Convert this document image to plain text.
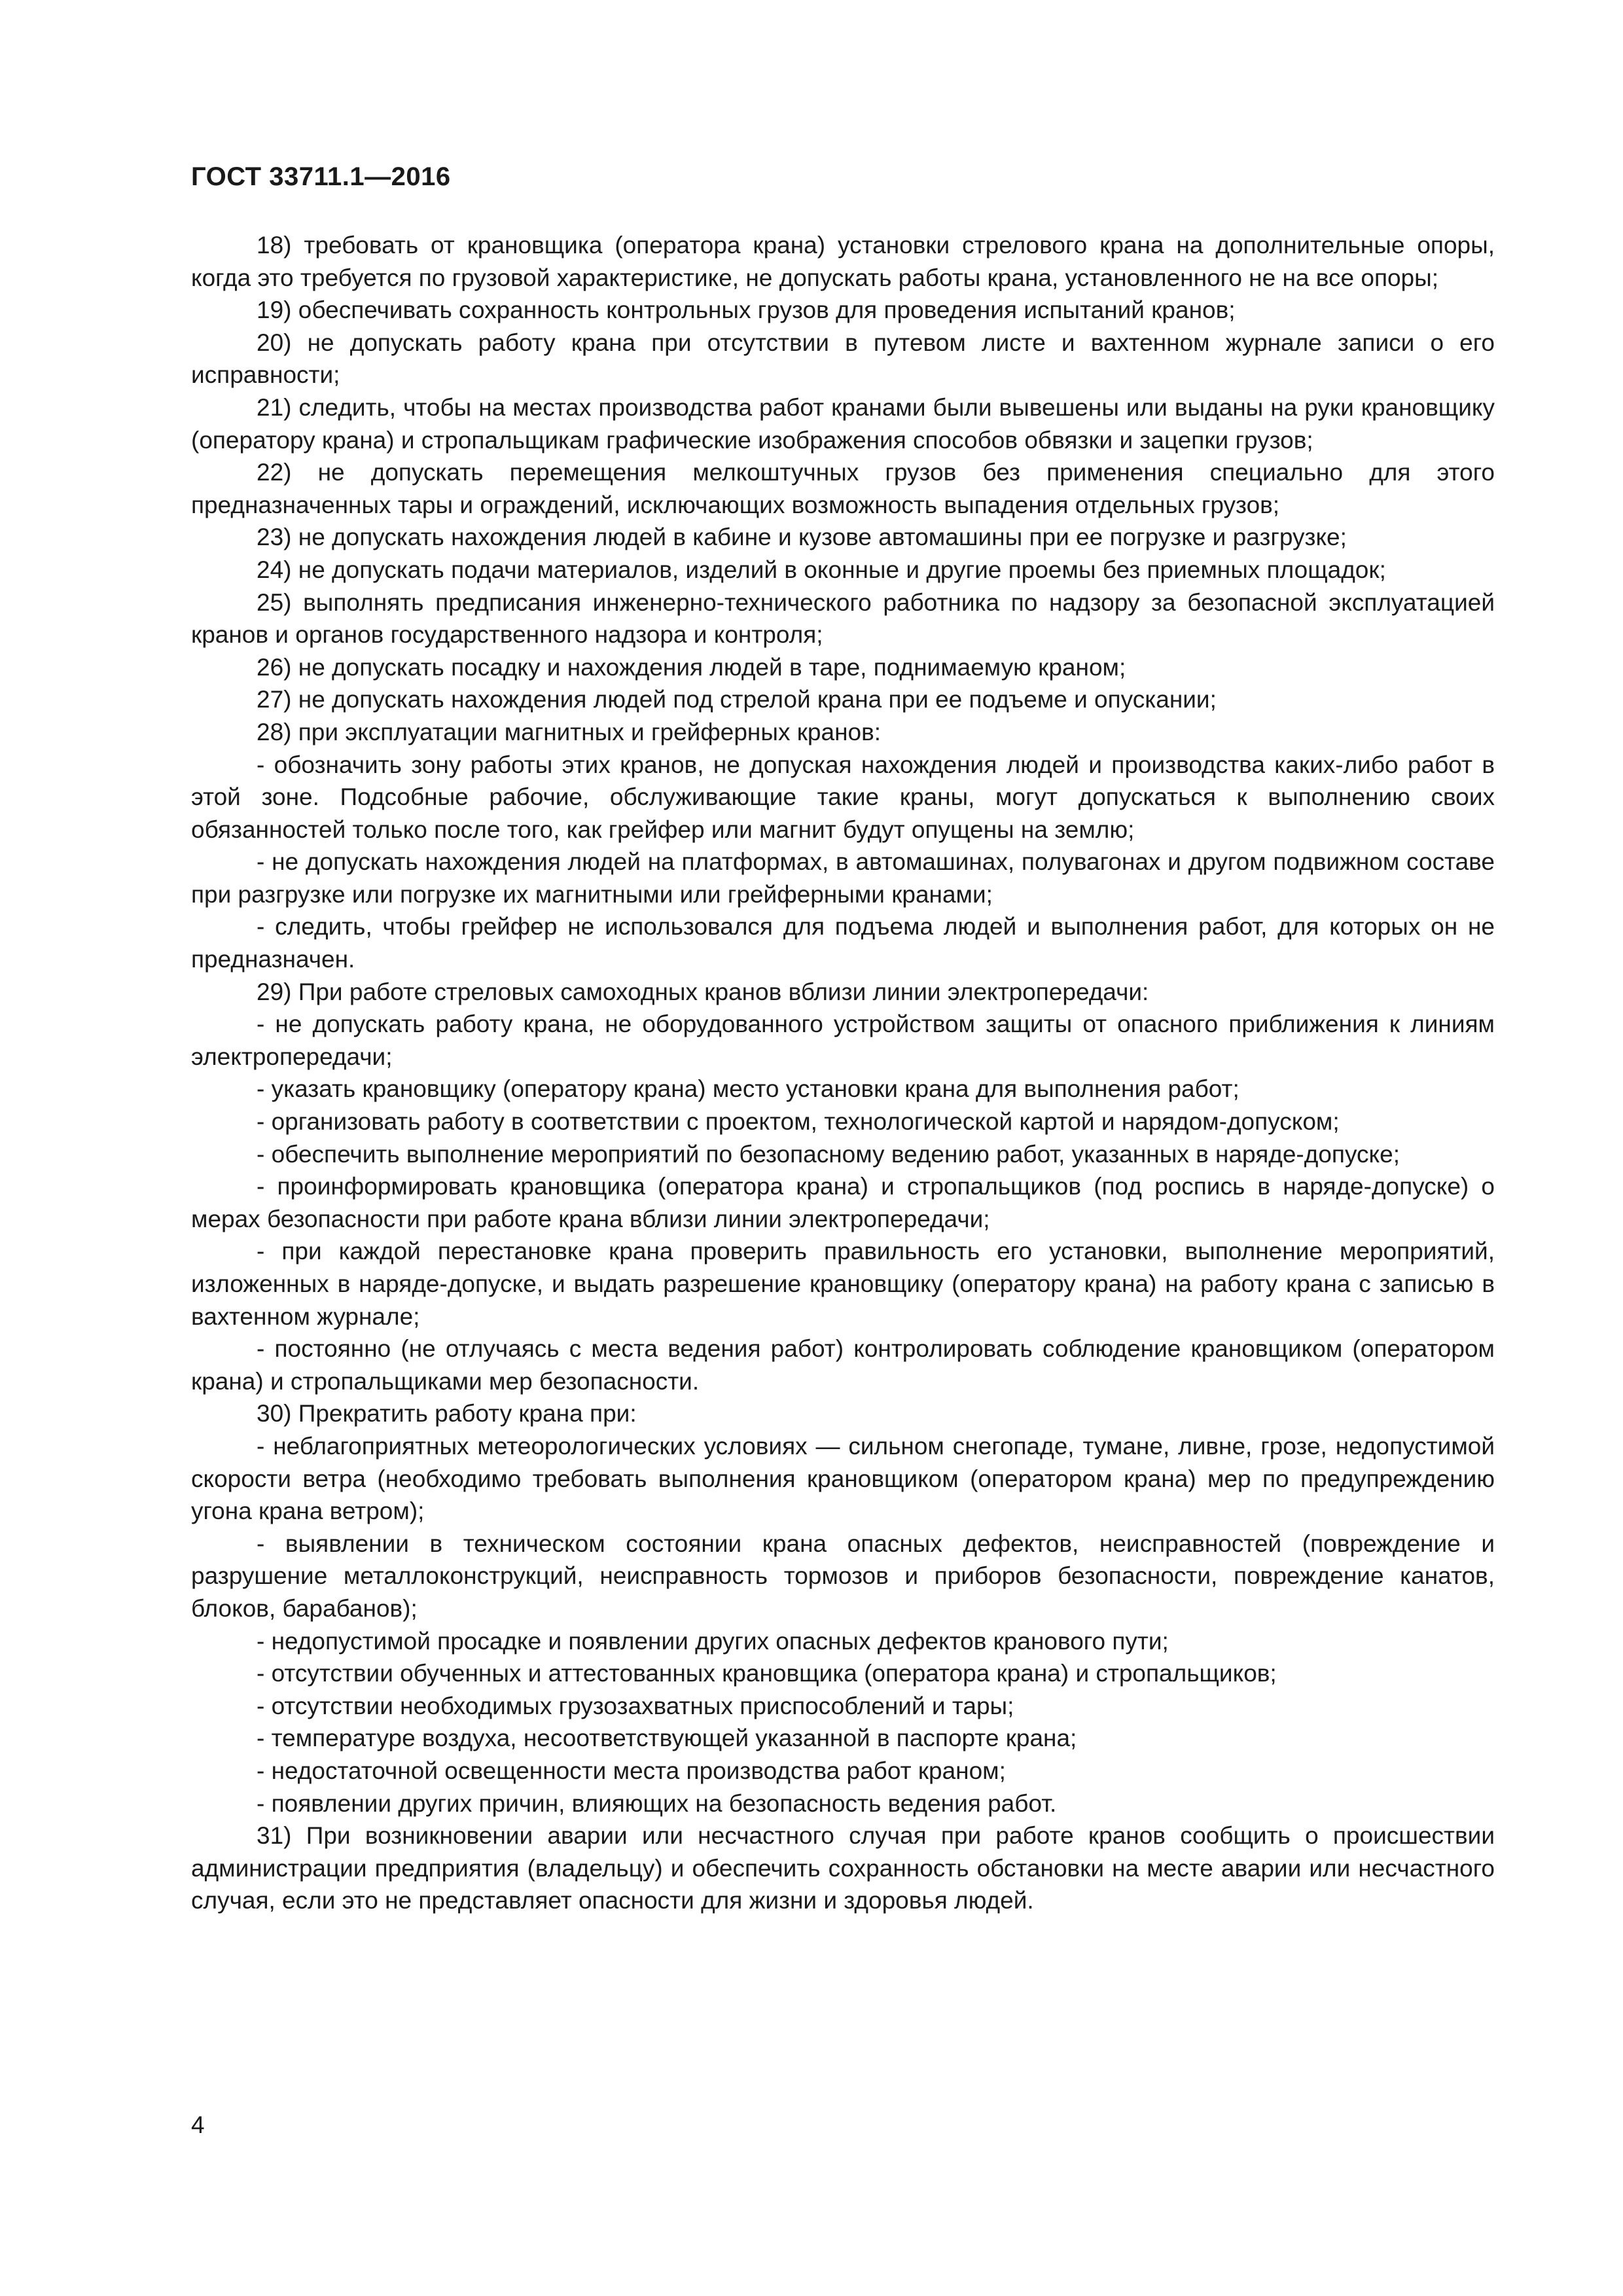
ГОСТ 33711.1—2016

18) требовать от крановщика (оператора крана) установки стрелового крана на дополнительные опоры, когда это требуется по грузовой характеристике, не допускать работы крана, установленного не на все опоры;

19) обеспечивать сохранность контрольных грузов для проведения испытаний кранов;

20) не допускать работу крана при отсутствии в путевом листе и вахтенном журнале записи о его исправности;

21) следить, чтобы на местах производства работ кранами были вывешены или выданы на руки крановщику (оператору крана) и стропальщикам графические изображения способов обвязки и зацепки грузов;

22) не допускать перемещения мелкоштучных грузов без применения специально для этого предназначенных тары и ограждений, исключающих возможность выпадения отдельных грузов;

23) не допускать нахождения людей в кабине и кузове автомашины при ее погрузке и разгрузке;

24) не допускать подачи материалов, изделий в оконные и другие проемы без приемных площадок;

25) выполнять предписания инженерно-технического работника по надзору за безопасной эксплуатацией кранов и органов государственного надзора и контроля;

26) не допускать посадку и нахождения людей в таре, поднимаемую краном;

27) не допускать нахождения людей под стрелой крана при ее подъеме и опускании;

28) при эксплуатации магнитных и грейферных кранов:

- обозначить зону работы этих кранов, не допуская нахождения людей и производства каких-либо работ в этой зоне. Подсобные рабочие, обслуживающие такие краны, могут допускаться к выполнению своих обязанностей только после того, как грейфер или магнит будут опущены на землю;

- не допускать нахождения людей на платформах, в автомашинах, полувагонах и другом подвижном составе при разгрузке или погрузке их магнитными или грейферными кранами;

- следить, чтобы грейфер не использовался для подъема людей и выполнения работ, для которых он не предназначен.

29) При работе стреловых самоходных кранов вблизи линии электропередачи:

- не допускать работу крана, не оборудованного устройством защиты от опасного приближения к линиям электропередачи;

- указать крановщику (оператору крана) место установки крана для выполнения работ;

- организовать работу в соответствии с проектом, технологической картой и нарядом-допуском;

- обеспечить выполнение мероприятий по безопасному ведению работ, указанных в наряде-допуске;

- проинформировать крановщика (оператора крана) и стропальщиков (под роспись в наряде-допуске) о мерах безопасности при работе крана вблизи линии электропередачи;

- при каждой перестановке крана проверить правильность его установки, выполнение мероприятий, изложенных в наряде-допуске, и выдать разрешение крановщику (оператору крана) на работу крана с записью в вахтенном журнале;

- постоянно (не отлучаясь с места ведения работ) контролировать соблюдение крановщиком (оператором крана) и стропальщиками мер безопасности.

30) Прекратить работу крана при:

- неблагоприятных метеорологических условиях — сильном снегопаде, тумане, ливне, грозе, недопустимой скорости ветра (необходимо требовать выполнения крановщиком (оператором крана) мер по предупреждению угона крана ветром);

- выявлении в техническом состоянии крана опасных дефектов, неисправностей (повреждение и разрушение металлоконструкций, неисправность тормозов и приборов безопасности, повреждение канатов, блоков, барабанов);

- недопустимой просадке и появлении других опасных дефектов кранового пути;

- отсутствии обученных и аттестованных крановщика (оператора крана) и стропальщиков;

- отсутствии необходимых грузозахватных приспособлений и тары;

- температуре воздуха, несоответствующей указанной в паспорте крана;

- недостаточной освещенности места производства работ краном;

- появлении других причин, влияющих на безопасность ведения работ.

31) При возникновении аварии или несчастного случая при работе кранов сообщить о происшествии администрации предприятия (владельцу) и обеспечить сохранность обстановки на месте аварии или несчастного случая, если это не представляет опасности для жизни и здоровья людей.

4
